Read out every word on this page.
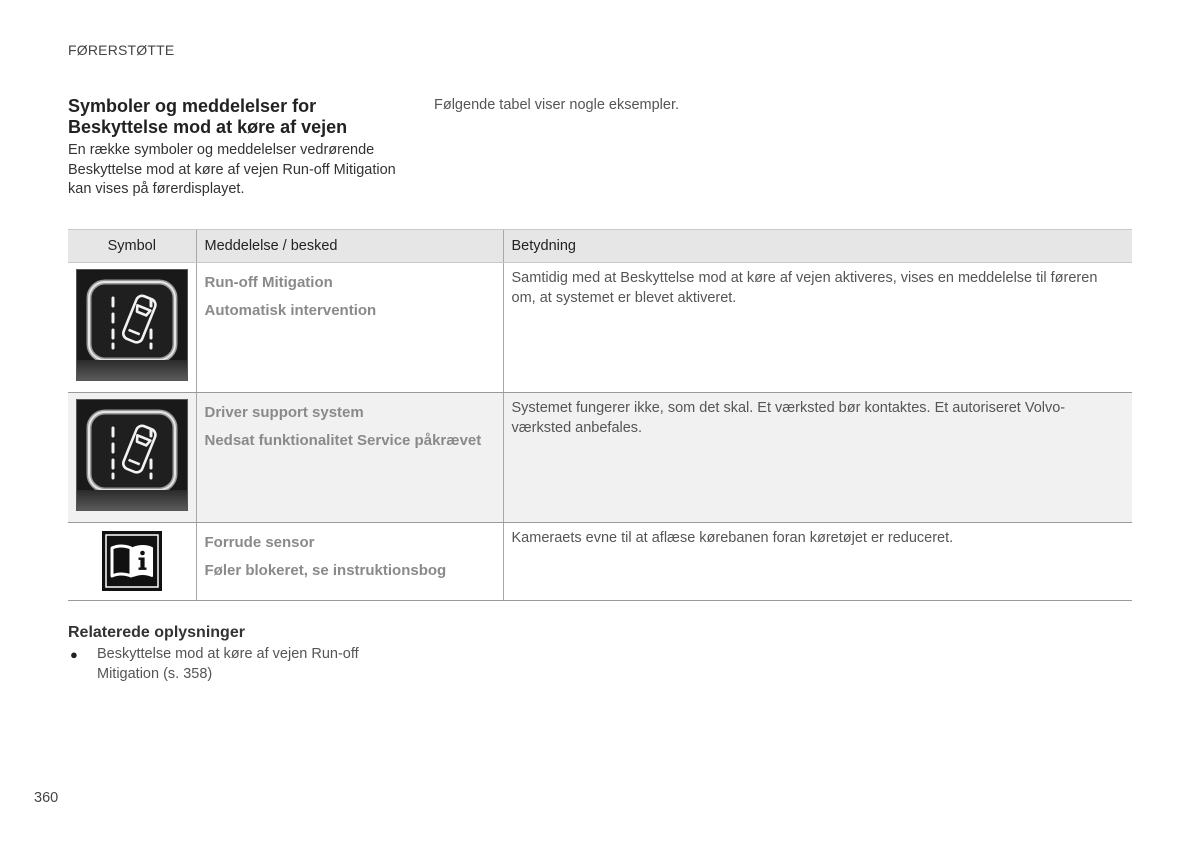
FØRERSTØTTE
Symboler og meddelelser for Beskyttelse mod at køre af vejen
En række symboler og meddelelser vedrørende Beskyttelse mod at køre af vejen Run-off Mitigation kan vises på førerdisplayet.
Følgende tabel viser nogle eksempler.
Symbol	Meddelelse / besked	Betydning

Run-off Mitigation
Automatisk intervention	Samtidig med at Beskyttelse mod at køre af vejen aktiveres, vises en meddelelse til føreren om, at systemet er blevet aktiveret.

Driver support system
Nedsat funktionalitet Service påkrævet	Systemet fungerer ikke, som det skal. Et værksted bør kontaktes. Et autoriseret Volvo-værksted anbefales.

Forrude sensor
Føler blokeret, se instruktionsbog	Kameraets evne til at aflæse kørebanen foran køretøjet er reduceret.
Relaterede oplysninger
● Beskyttelse mod at køre af vejen Run-off Mitigation (s. 358)
360
